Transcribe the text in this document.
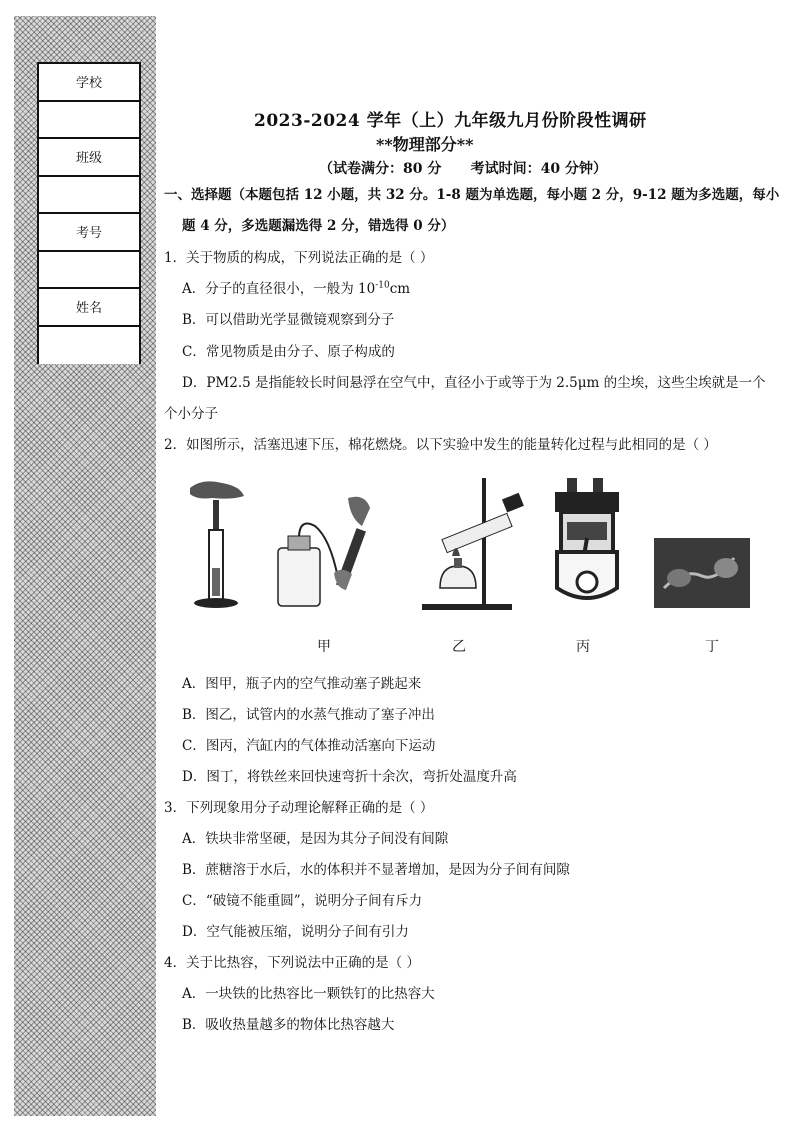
学校
班级
考号
姓名
2023-2024 学年（上）九年级九月份阶段性调研
**物理部分**
（试卷满分：80 分      考试时间：40 分钟）
一、选择题（本题包括 12 小题，共 32 分。1-8 题为单选题，每小题 2 分，9-12 题为多选题，每小
题 4 分，多选题漏选得 2 分，错选得 0 分）
1．关于物质的构成，下列说法正确的是（ ）
A．分子的直径很小，一般为 $10^{-10}cm$
B．可以借助光学显微镜观察到分子
C．常见物质是由分子、原子构成的
D．PM2.5 是指能较长时间悬浮在空气中，直径小于或等于为 2.5μm 的尘埃，这些尘埃就是一个
个小分子
2．如图所示，活塞迅速下压，棉花燃烧。以下实验中发生的能量转化过程与此相同的是（ ）
甲	乙	丙	丁
A．图甲，瓶子内的空气推动塞子跳起来
B．图乙，试管内的水蒸气推动了塞子冲出
C．图丙，汽缸内的气体推动活塞向下运动
D．图丁，将铁丝来回快速弯折十余次，弯折处温度升高
3．下列现象用分子动理论解释正确的是（ ）
A．铁块非常坚硬，是因为其分子间没有间隙
B．蔗糖溶于水后，水的体积并不显著增加，是因为分子间有间隙
C．“破镜不能重圆”，说明分子间有斥力
D．空气能被压缩，说明分子间有引力
4．关于比热容，下列说法中正确的是（ ）
A．一块铁的比热容比一颗铁钉的比热容大
B．吸收热量越多的物体比热容越大
